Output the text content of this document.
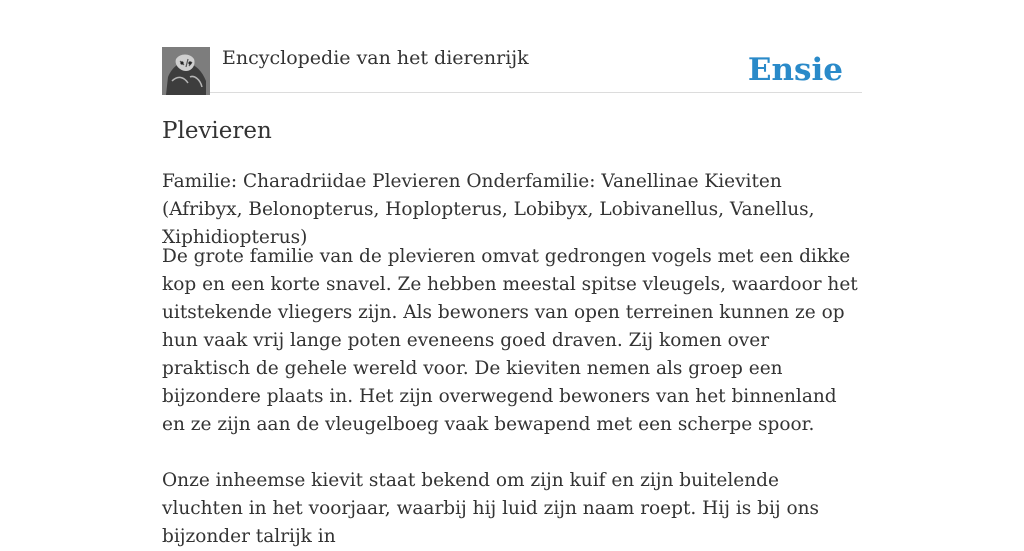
Encyclopedie van het dierenrijk	Ensie
Plevieren

Familie: Charadriidae Plevieren Onderfamilie: Vanellinae Kieviten (Afribyx, Belonopterus, Hoplopterus, Lobibyx, Lobivanellus, Vanellus, Xiphidiopterus)

De grote familie van de plevieren omvat gedrongen vogels met een dikke kop en een korte snavel. Ze hebben meestal spitse vleugels, waardoor het uitstekende vliegers zijn. Als bewoners van open terreinen kunnen ze op hun vaak vrij lange poten eveneens goed draven. Zij komen over praktisch de gehele wereld voor. De kieviten nemen als groep een bijzondere plaats in. Het zijn overwegend bewoners van het binnenland en ze zijn aan de vleugelboeg vaak bewapend met een scherpe spoor.

Onze inheemse kievit staat bekend om zijn kuif en zijn buitelende vluchten in het voorjaar, waarbij hij luid zijn naam roept. Hij is bij ons bijzonder talrijk in
